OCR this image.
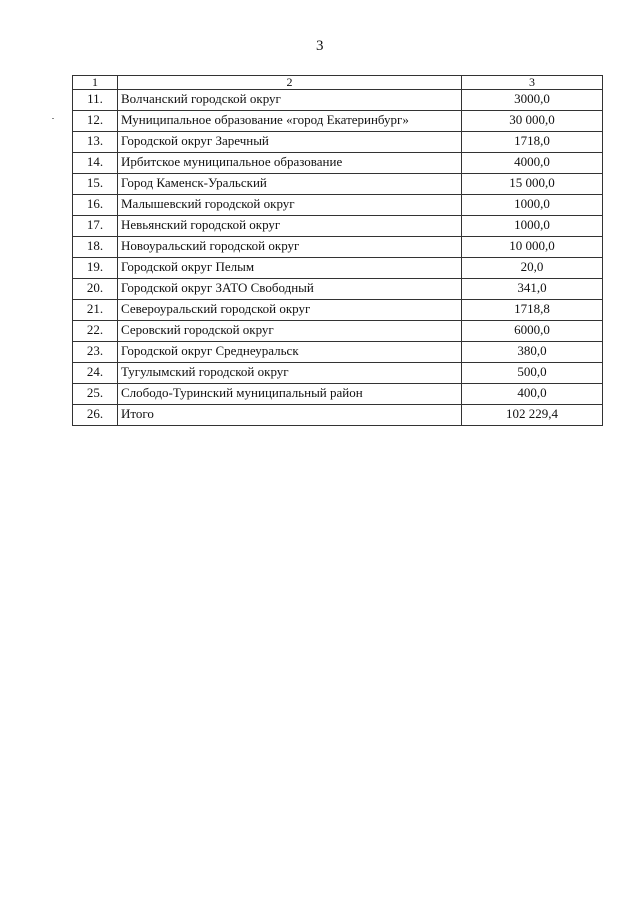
3
1	2	3
11.	Волчанский городской округ	3000,0
12.	Муниципальное образование «город Екатеринбург»	30 000,0
13.	Городской округ Заречный	1718,0
14.	Ирбитское муниципальное образование	4000,0
15.	Город Каменск-Уральский	15 000,0
16.	Малышевский городской округ	1000,0
17.	Невьянский городской округ	1000,0
18.	Новоуральский городской округ	10 000,0
19.	Городской округ Пелым	20,0
20.	Городской округ ЗАТО Свободный	341,0
21.	Североуральский городской округ	1718,8
22.	Серовский городской округ	6000,0
23.	Городской округ Среднеуральск	380,0
24.	Тугулымский городской округ	500,0
25.	Слободо-Туринский муниципальный район	400,0
26.	Итого	102 229,4
